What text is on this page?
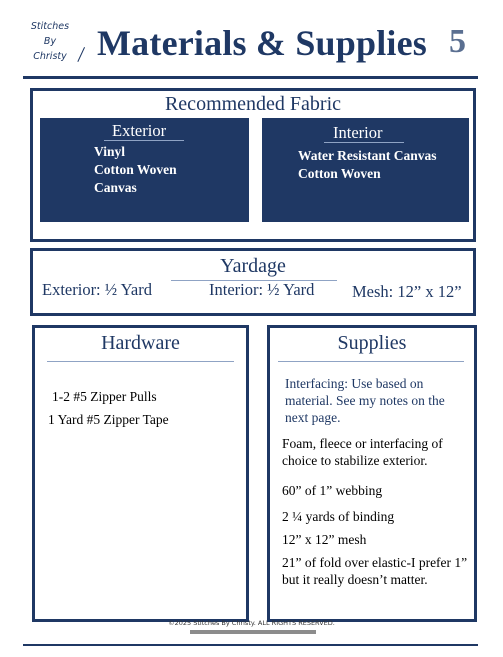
Stitches
By
Christy Materials & Supplies 5
Recommended Fabric
Exterior
Vinyl
Cotton Woven
Canvas
Interior
Water Resistant Canvas
Cotton Woven
Yardage
Exterior: ½ Yard	Interior: ½ Yard Mesh: 12” x 12”
Hardware
1-2 #5 Zipper Pulls
1 Yard #5 Zipper Tape
Supplies
Interfacing: Use based on material. See my notes on the next page.
Foam, fleece or interfacing of choice to stabilize exterior.
60” of 1” webbing
2 ¼ yards of binding
12” x 12” mesh
21” of fold over elastic-I prefer 1” but it really doesn’t matter.
©2025 Stitches By Christy. ALL RIGHTS RESERVED.
